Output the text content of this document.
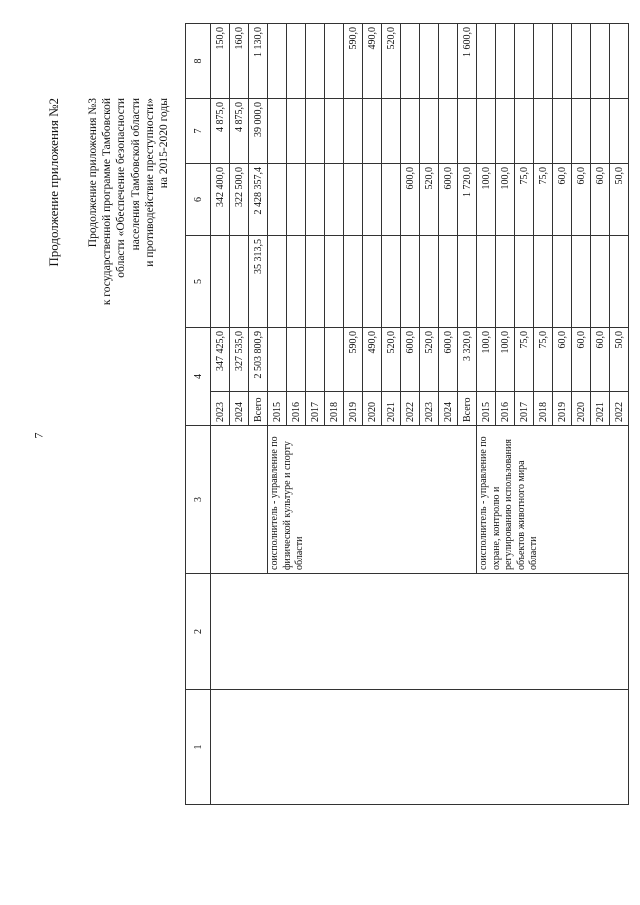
7
Продолжение приложения №2 Продолжение приложения №3 к государственной программе Тамбовской области «Обеспечение безопасности населения Тамбовской области и противодействие преступности» на 2015-2020 годы
1	2	3	4		5	6	7	8
			2023	347 425,0		342 400,0	4 875,0	150,0
			2024	327 535,0		322 500,0	4 875,0	160,0
			Всего	2 503 800,9	35 313,5	2 428 357,4	39 000,0	1 130,0
		соисполнитель - управление по физической культуре и спорту области	2015					
			2016					
			2017					
			2018					
			2019	590,0				590,0
			2020	490,0				490,0
			2021	520,0				520,0
			2022	600,0		600,0		
			2023	520,0		520,0		
			2024	600,0		600,0		
			Всего	3 320,0		1 720,0		1 600,0
		соисполнитель - управление по охране, контролю и регулированию использования объектов животного мира области	2015	100,0		100,0		
			2016	100,0		100,0		
			2017	75,0		75,0		
			2018	75,0		75,0		
			2019	60,0		60,0		
			2020	60,0		60,0		
			2021	60,0		60,0		
			2022	50,0		50,0		
